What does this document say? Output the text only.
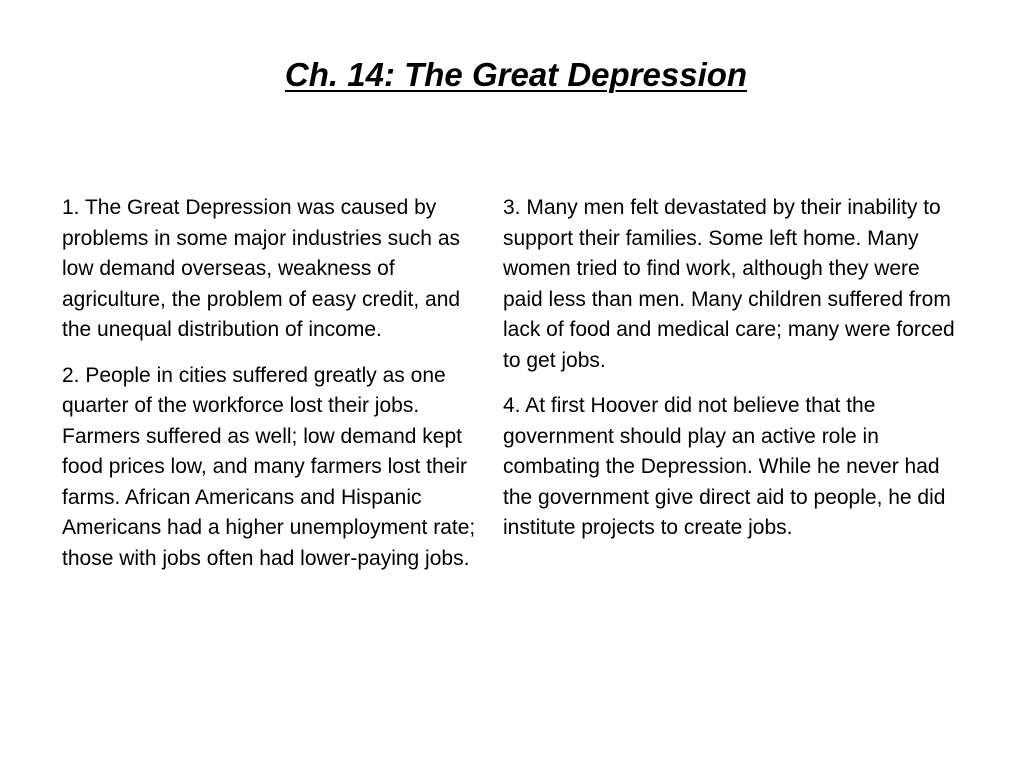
Ch. 14: The Great Depression

1. The Great Depression was caused by problems in some major industries such as low demand overseas, weakness of agriculture, the problem of easy credit, and the unequal distribution of income.

2. People in cities suffered greatly as one quarter of the workforce lost their jobs. Farmers suffered as well; low demand kept food prices low, and many farmers lost their farms. African Americans and Hispanic Americans had a higher unemployment rate; those with jobs often had lower-paying jobs.

3. Many men felt devastated by their inability to support their families. Some left home. Many women tried to find work, although they were paid less than men. Many children suffered from lack of food and medical care; many were forced to get jobs.

4. At first Hoover did not believe that the government should play an active role in combating the Depression. While he never had the government give direct aid to people, he did institute projects to create jobs.
